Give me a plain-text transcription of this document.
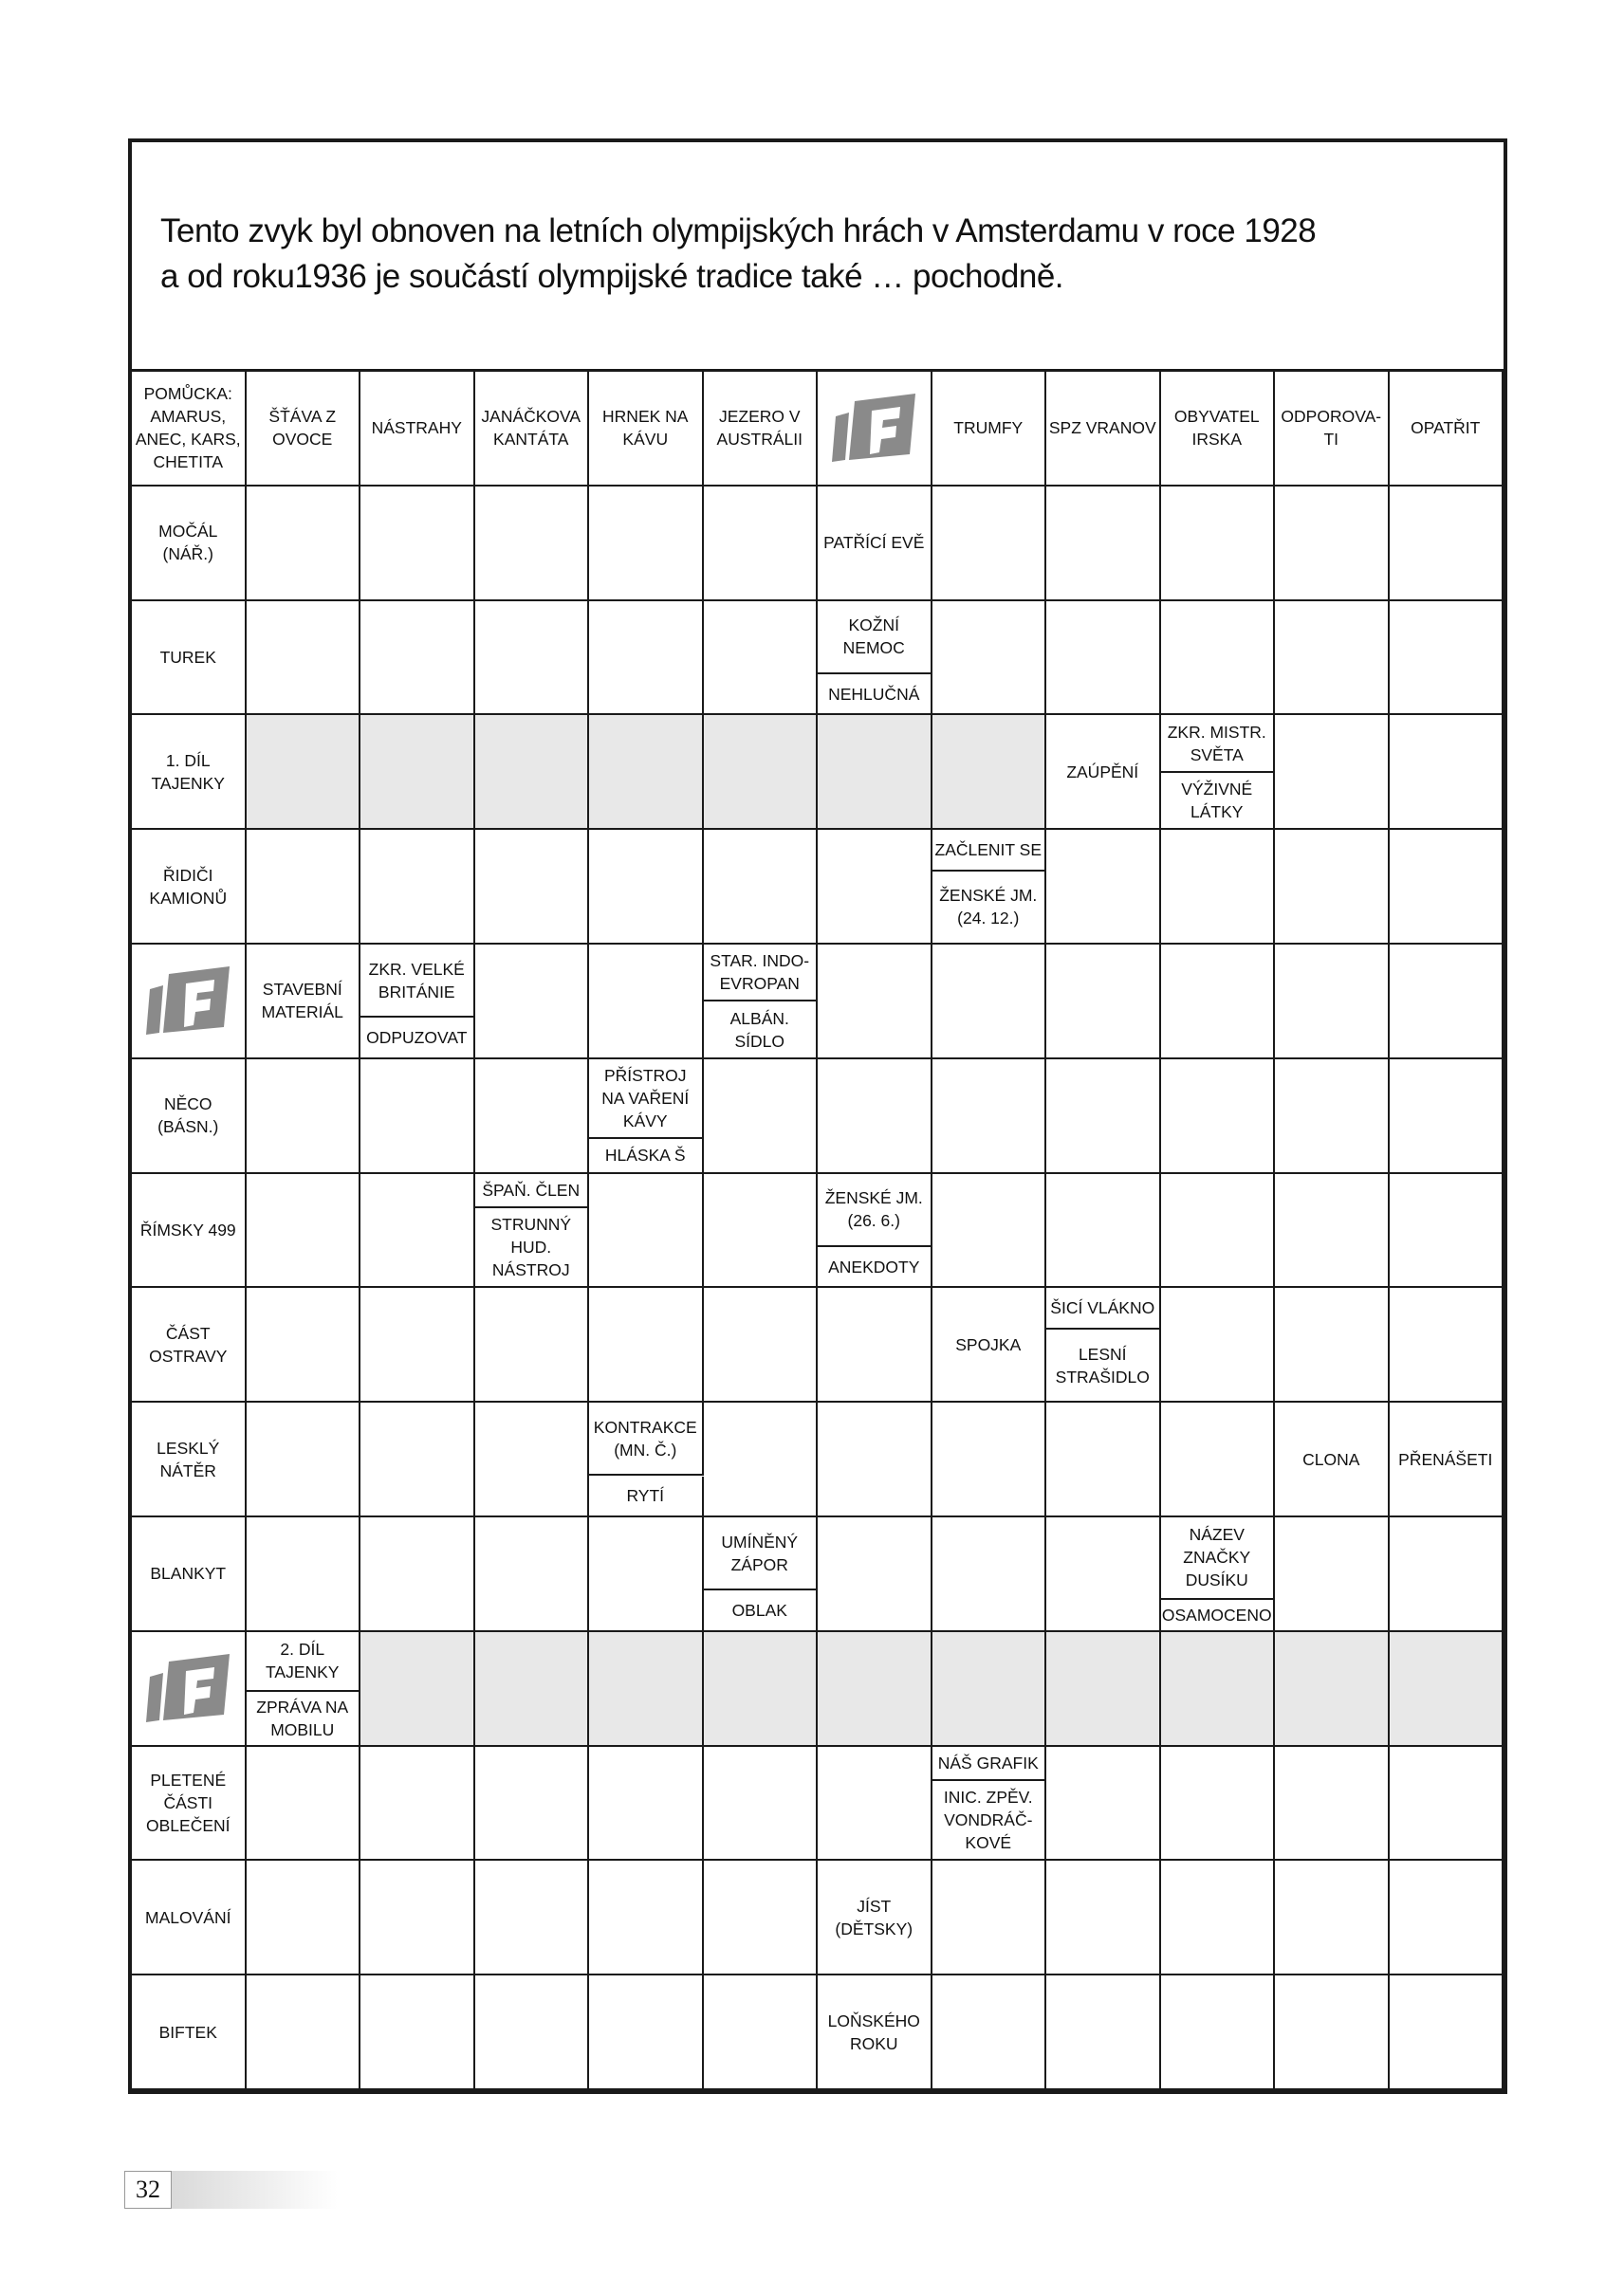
Tento zvyk byl obnoven na letních olympijských hrách v Amsterdamu v roce 1928
a od roku1936 je součástí olympijské tradice také … pochodně.

POMŮCKA: AMARUS, ANEC, KARS, CHETITA
ŠŤÁVA Z OVOCE
NÁSTRAHY
JANÁČKOVA KANTÁTA
HRNEK NA KÁVU
JEZERO V AUSTRÁLII
TRUMFY	SPZ VRANOV
OBYVATEL IRSKA
ODPOROVA-TI
OPATŘIT
MOČÁL (NÁŘ.)
TUREK
1. DÍL TAJENKY
ŘIDIČI KAMIONŮ
NĚCO (BÁSN.)
ŘÍMSKY 499
ČÁST OSTRAVY
LESKLÝ NÁTĚR
BLANKYT
PLETENÉ ČÁSTI OBLEČENÍ
MALOVÁNÍ
PATŘÍCÍ EVĚ
KOŽNÍ NEMOC
NEHLUČNÁ
ZAÚPĚNÍ
ZKR. MISTR. SVĚTA
VÝŽIVNÉ LÁTKY
ZAČLENIT SE
ŽENSKÉ JM. (24. 12.)
STAVEBNÍ MATERIÁL
ZKR. VELKÉ BRITÁNIE
ODPUZOVAT
STAR. INDO-EVROPAN
ALBÁN. SÍDLO
PŘÍSTROJ NA VAŘENÍ KÁVY
HLÁSKA Š
ŠPAŇ. ČLEN
STRUNNÝ HUD. NÁSTROJ
ŽENSKÉ JM. (26. 6.)
ANEKDOTY
SPOJKA
ŠICÍ VLÁKNO
LESNÍ STRAŠIDLO
KONTRAKCE (MN. Č.)
RYTÍ
CLONA	PŘENÁŠETI
UMÍNĚNÝ ZÁPOR
OBLAK
NÁZEV ZNAČKY DUSÍKU
OSAMOCENO
2. DÍL TAJENKY
ZPRÁVA NA MOBILU
NÁŠ GRAFIK
INIC. ZPĚV. VONDRÁČ-KOVÉ
JÍST (DĚTSKY)
BIFTEK
LOŇSKÉHO ROKU
32
